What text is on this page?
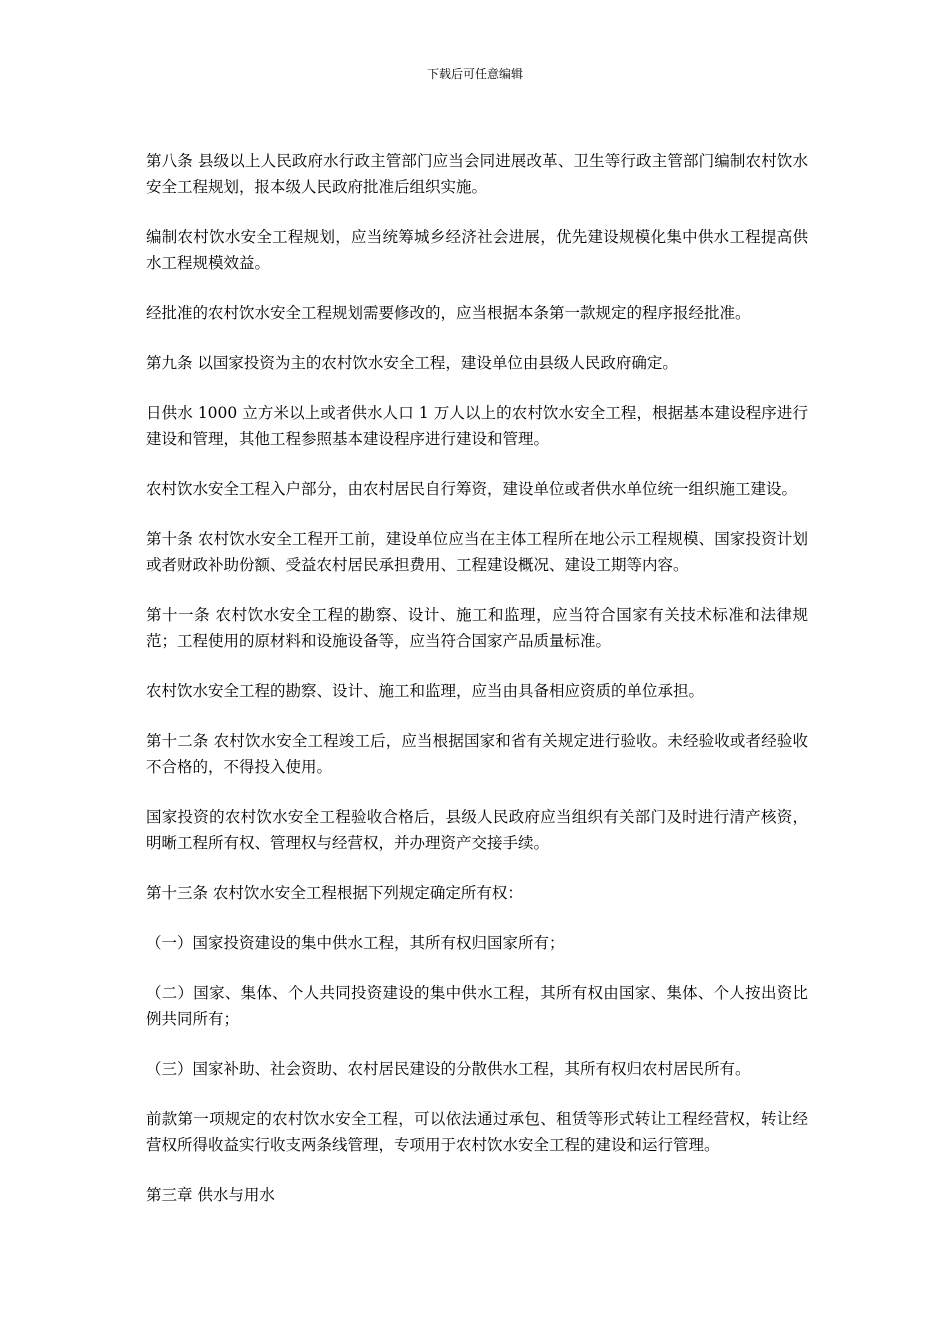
下载后可任意编辑

第八条 县级以上人民政府水行政主管部门应当会同进展改革、卫生等行政主管部门编制农村饮水安全工程规划，报本级人民政府批准后组织实施。

编制农村饮水安全工程规划，应当统筹城乡经济社会进展，优先建设规模化集中供水工程提高供水工程规模效益。

经批准的农村饮水安全工程规划需要修改的，应当根据本条第一款规定的程序报经批准。

第九条 以国家投资为主的农村饮水安全工程，建设单位由县级人民政府确定。

日供水 1000 立方米以上或者供水人口 1 万人以上的农村饮水安全工程，根据基本建设程序进行建设和管理，其他工程参照基本建设程序进行建设和管理。

农村饮水安全工程入户部分，由农村居民自行筹资，建设单位或者供水单位统一组织施工建设。

第十条 农村饮水安全工程开工前，建设单位应当在主体工程所在地公示工程规模、国家投资计划或者财政补助份额、受益农村居民承担费用、工程建设概况、建设工期等内容。

第十一条 农村饮水安全工程的勘察、设计、施工和监理，应当符合国家有关技术标准和法律规范；工程使用的原材料和设施设备等，应当符合国家产品质量标准。

农村饮水安全工程的勘察、设计、施工和监理，应当由具备相应资质的单位承担。

第十二条 农村饮水安全工程竣工后，应当根据国家和省有关规定进行验收。未经验收或者经验收不合格的，不得投入使用。

国家投资的农村饮水安全工程验收合格后，县级人民政府应当组织有关部门及时进行清产核资，明晰工程所有权、管理权与经营权，并办理资产交接手续。

第十三条 农村饮水安全工程根据下列规定确定所有权：

（一）国家投资建设的集中供水工程，其所有权归国家所有；

（二）国家、集体、个人共同投资建设的集中供水工程，其所有权由国家、集体、个人按出资比例共同所有；

（三）国家补助、社会资助、农村居民建设的分散供水工程，其所有权归农村居民所有。

前款第一项规定的农村饮水安全工程，可以依法通过承包、租赁等形式转让工程经营权，转让经营权所得收益实行收支两条线管理，专项用于农村饮水安全工程的建设和运行管理。

第三章 供水与用水
